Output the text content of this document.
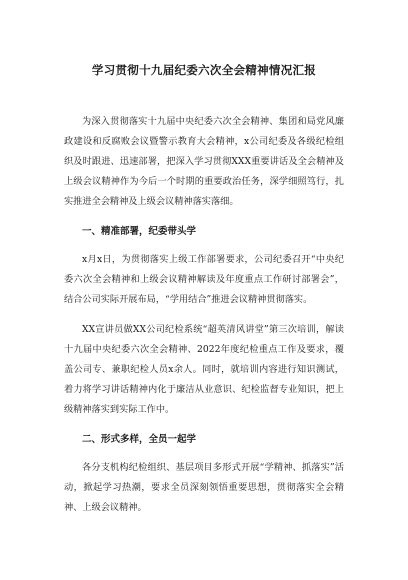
学习贯彻十九届纪委六次全会精神情况汇报

为深入贯彻落实十九届中央纪委六次全会精神、集团和局党风廉政建设和反腐败会议暨警示教育大会精神，x公司纪委及各级纪检组织及时跟进、迅速部署，把深入学习贯彻XXX重要讲话及全会精神及上级会议精神作为今后一个时期的重要政治任务，深学细照笃行，扎实推进全会精神及上级会议精神落实落细。

一、精准部署，纪委带头学

x月x日，为贯彻落实上级工作部署要求，公司纪委召开“中央纪委六次全会精神和上级会议精神解读及年度重点工作研讨部署会”，结合公司实际开展布局，“学用结合”推进会议精神贯彻落实。

XX宣讲员做XX公司纪检系统“超英清风讲堂”第三次培训，解读十九届中央纪委六次全会精神、2022年度纪检重点工作及要求，覆盖公司专、兼职纪检人员x余人。同时，就培训内容进行知识测试，着力将学习讲话精神内化于廉洁从业意识、纪检监督专业知识，把上级精神落实到实际工作中。

二、形式多样，全员一起学

各分支机构纪检组织、基层项目多形式开展“学精神、抓落实”活动，掀起学习热潮，要求全员深刻领悟重要思想，贯彻落实全会精神、上级会议精神。
